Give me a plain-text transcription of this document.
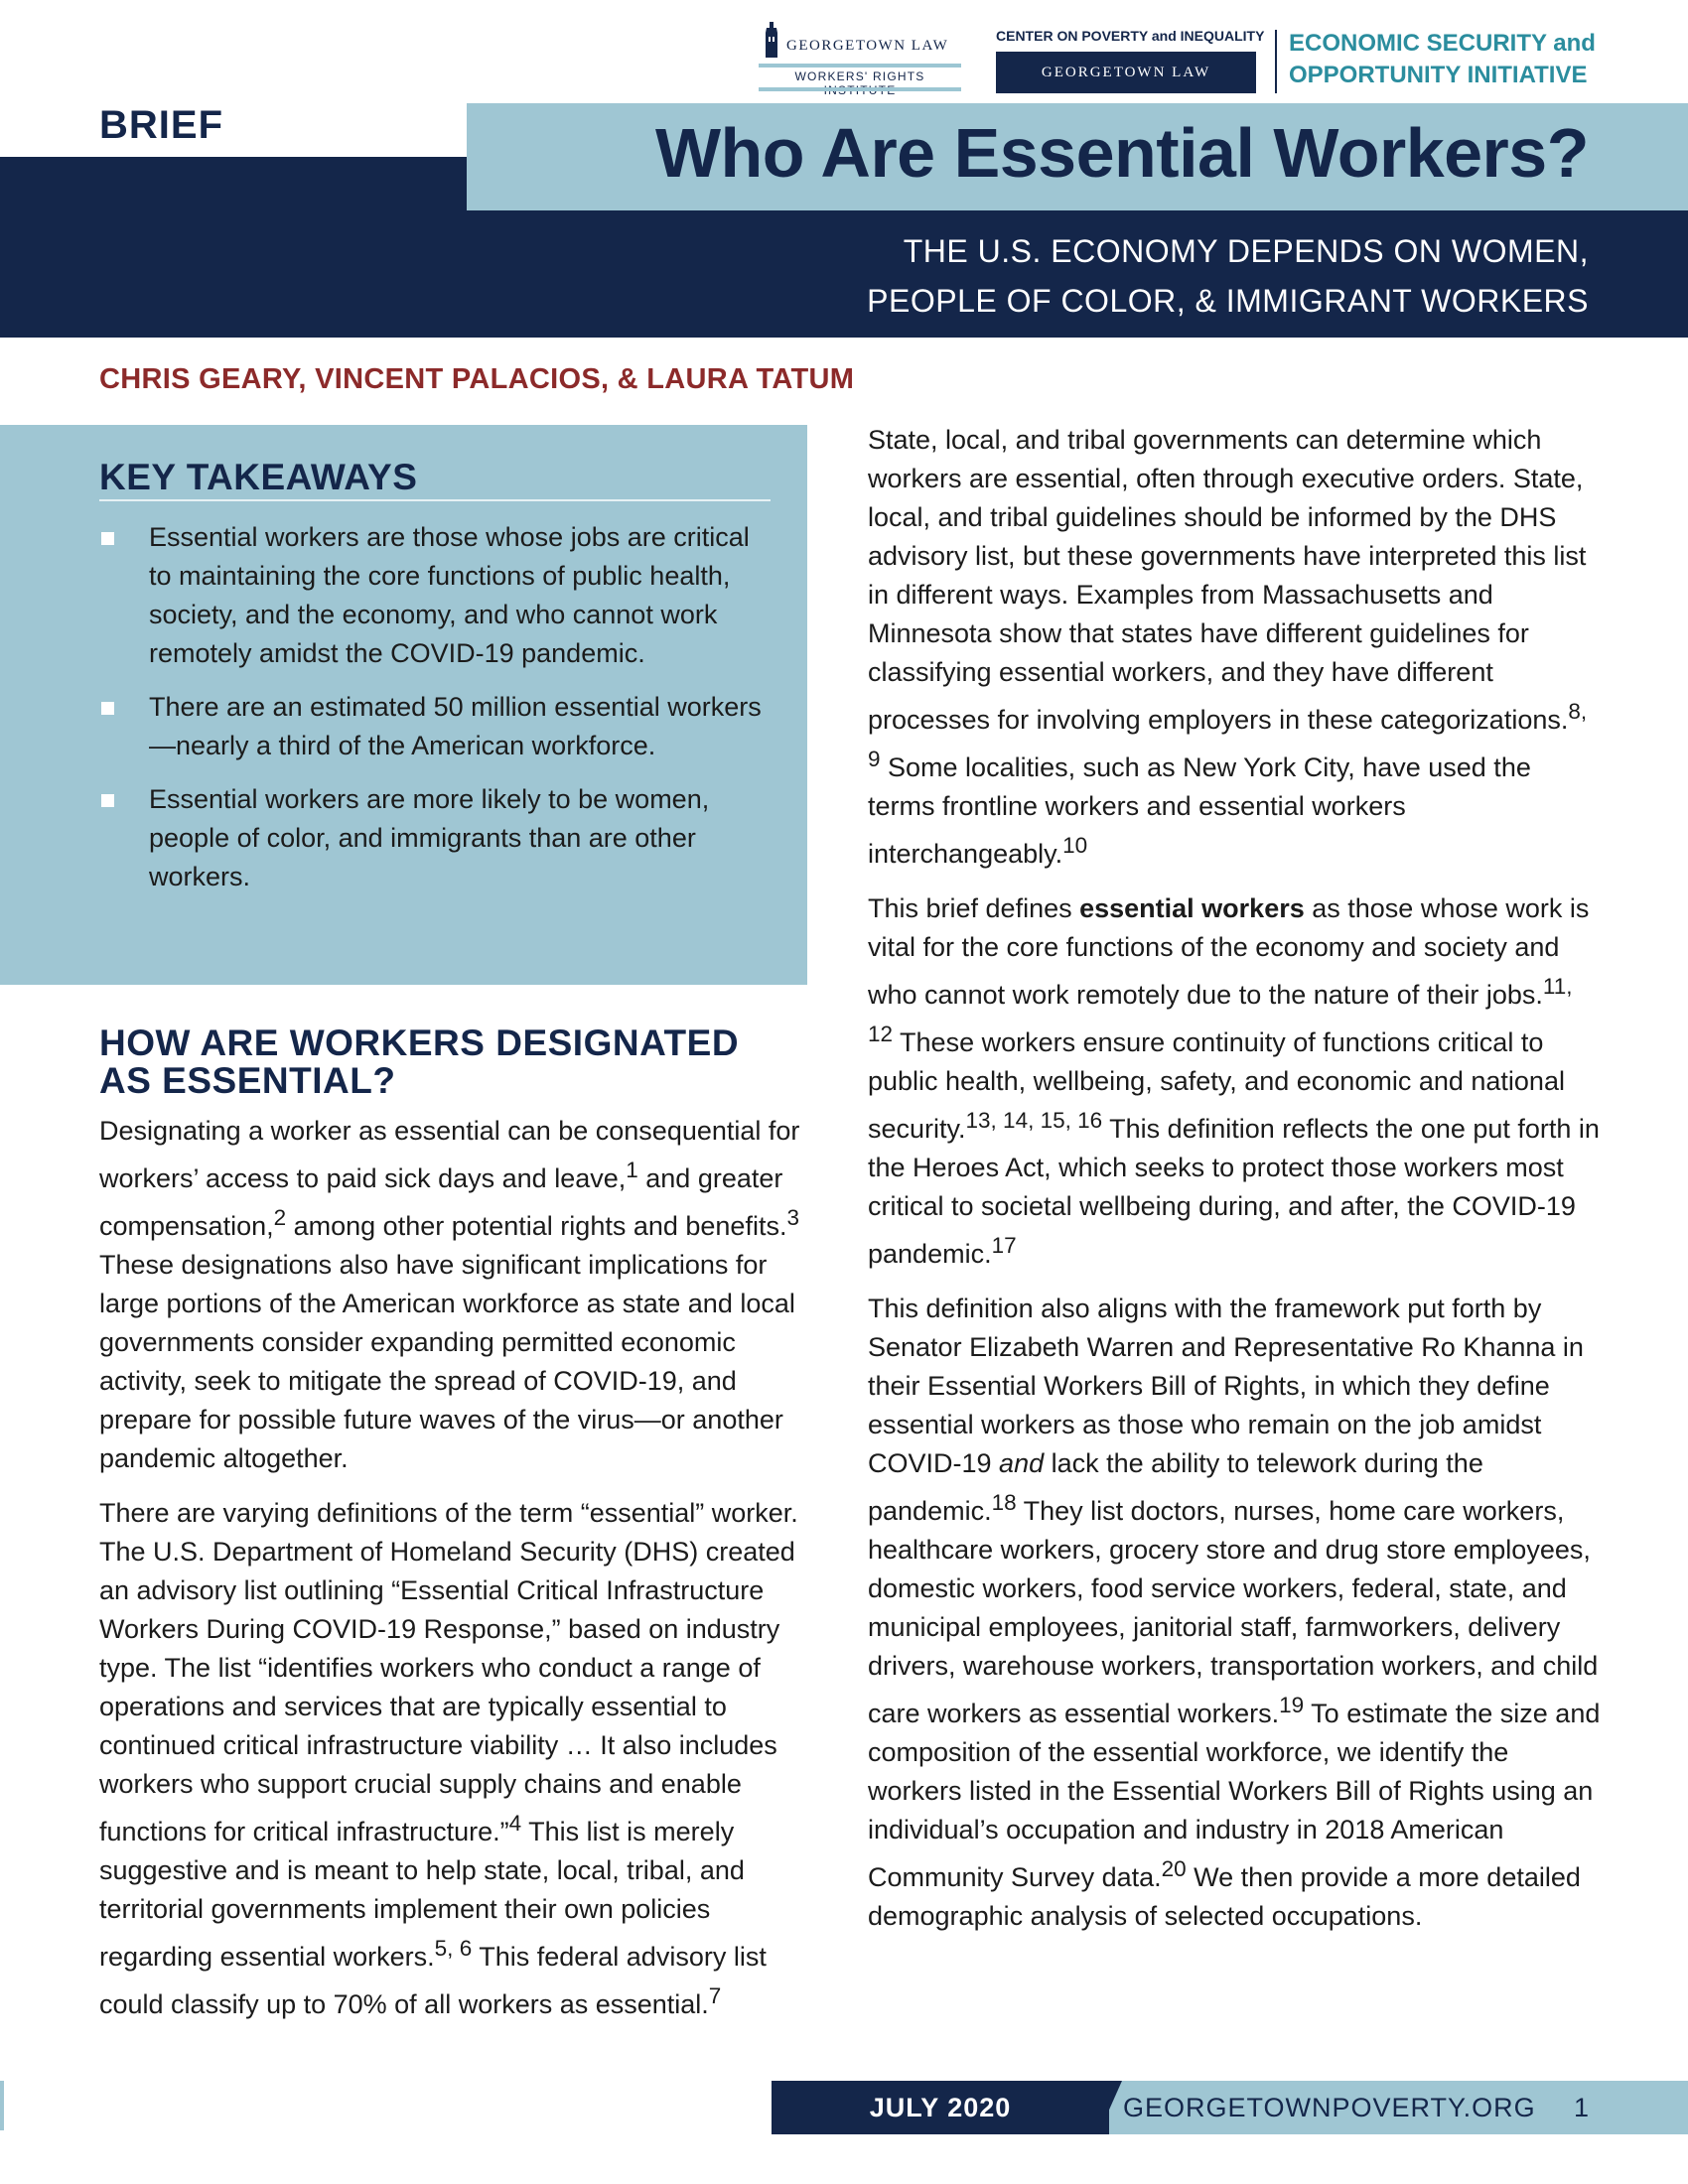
GEORGETOWN LAW
WORKERS' RIGHTS
CENTER ON POVERTY and INEQUALITY
GEORGETOWN LAW
ECONOMIC SECURITY and
OPPORTUNITY INITIATIVE
BRIEF	Who Are Essential Workers?
THE U.S. ECONOMY DEPENDS ON WOMEN,
PEOPLE OF COLOR, & IMMIGRANT WORKERS
CHRIS GEARY, VINCENT PALACIOS, & LAURA TATUM
KEY TAKEAWAYS
Essential workers are those whose jobs are critical to maintaining the core functions of public health, society, and the economy, and who cannot work remotely amidst the COVID-19 pandemic.
There are an estimated 50 million essential workers—nearly a third of the American workforce.
Essential workers are more likely to be women, people of color, and immigrants than are other workers.
HOW ARE WORKERS DESIGNATED AS ESSENTIAL?

Designating a worker as essential can be consequential for workers’ access to paid sick days and leave,$^1$ and greater compensation,$^2$ among other potential rights and benefits.$^3$ These designations also have significant implications for large portions of the American workforce as state and local governments consider expanding permitted economic activity, seek to mitigate the spread of COVID-19, and prepare for possible future waves of the virus—or another pandemic altogether.

There are varying definitions of the term “essential” worker. The U.S. Department of Homeland Security (DHS) created an advisory list outlining “Essential Critical Infrastructure Workers During COVID-19 Response,” based on industry type. The list “identifies workers who conduct a range of operations and services that are typically essential to continued critical infrastructure viability … It also includes workers who support crucial supply chains and enable functions for critical infrastructure.”$^4$ This list is merely suggestive and is meant to help state, local, tribal, and territorial governments implement their own policies regarding essential workers.$^{5, 6}$ This federal advisory list could classify up to 70% of all workers as essential.$^7$

State, local, and tribal governments can determine which workers are essential, often through executive orders. State, local, and tribal guidelines should be informed by the DHS advisory list, but these governments have interpreted this list in different ways. Examples from Massachusetts and Minnesota show that states have different guidelines for classifying essential workers, and they have different processes for involving employers in these categorizations.$^{8, 9}$ Some localities, such as New York City, have used the terms frontline workers and essential workers interchangeably.$^{10}$

This brief defines essential workers as those whose work is vital for the core functions of the economy and society and who cannot work remotely due to the nature of their jobs.$^{11, 12}$ These workers ensure continuity of functions critical to public health, wellbeing, safety, and economic and national security.$^{13, 14, 15, 16}$ This definition reflects the one put forth in the Heroes Act, which seeks to protect those workers most critical to societal wellbeing during, and after, the COVID-19 pandemic.$^{17}$

This definition also aligns with the framework put forth by Senator Elizabeth Warren and Representative Ro Khanna in their Essential Workers Bill of Rights, in which they define essential workers as those who remain on the job amidst COVID-19 and lack the ability to telework during the pandemic.$^{18}$ They list doctors, nurses, home care workers, healthcare workers, grocery store and drug store employees, domestic workers, food service workers, federal, state, and municipal employees, janitorial staff, farmworkers, delivery drivers, warehouse workers, transportation workers, and child care workers as essential workers.$^{19}$ To estimate the size and composition of the essential workforce, we identify the workers listed in the Essential Workers Bill of Rights using an individual’s occupation and industry in 2018 American Community Survey data.$^{20}$ We then provide a more detailed demographic analysis of selected occupations.

JULY 2020	GEORGETOWNPOVERTY.ORG 1
